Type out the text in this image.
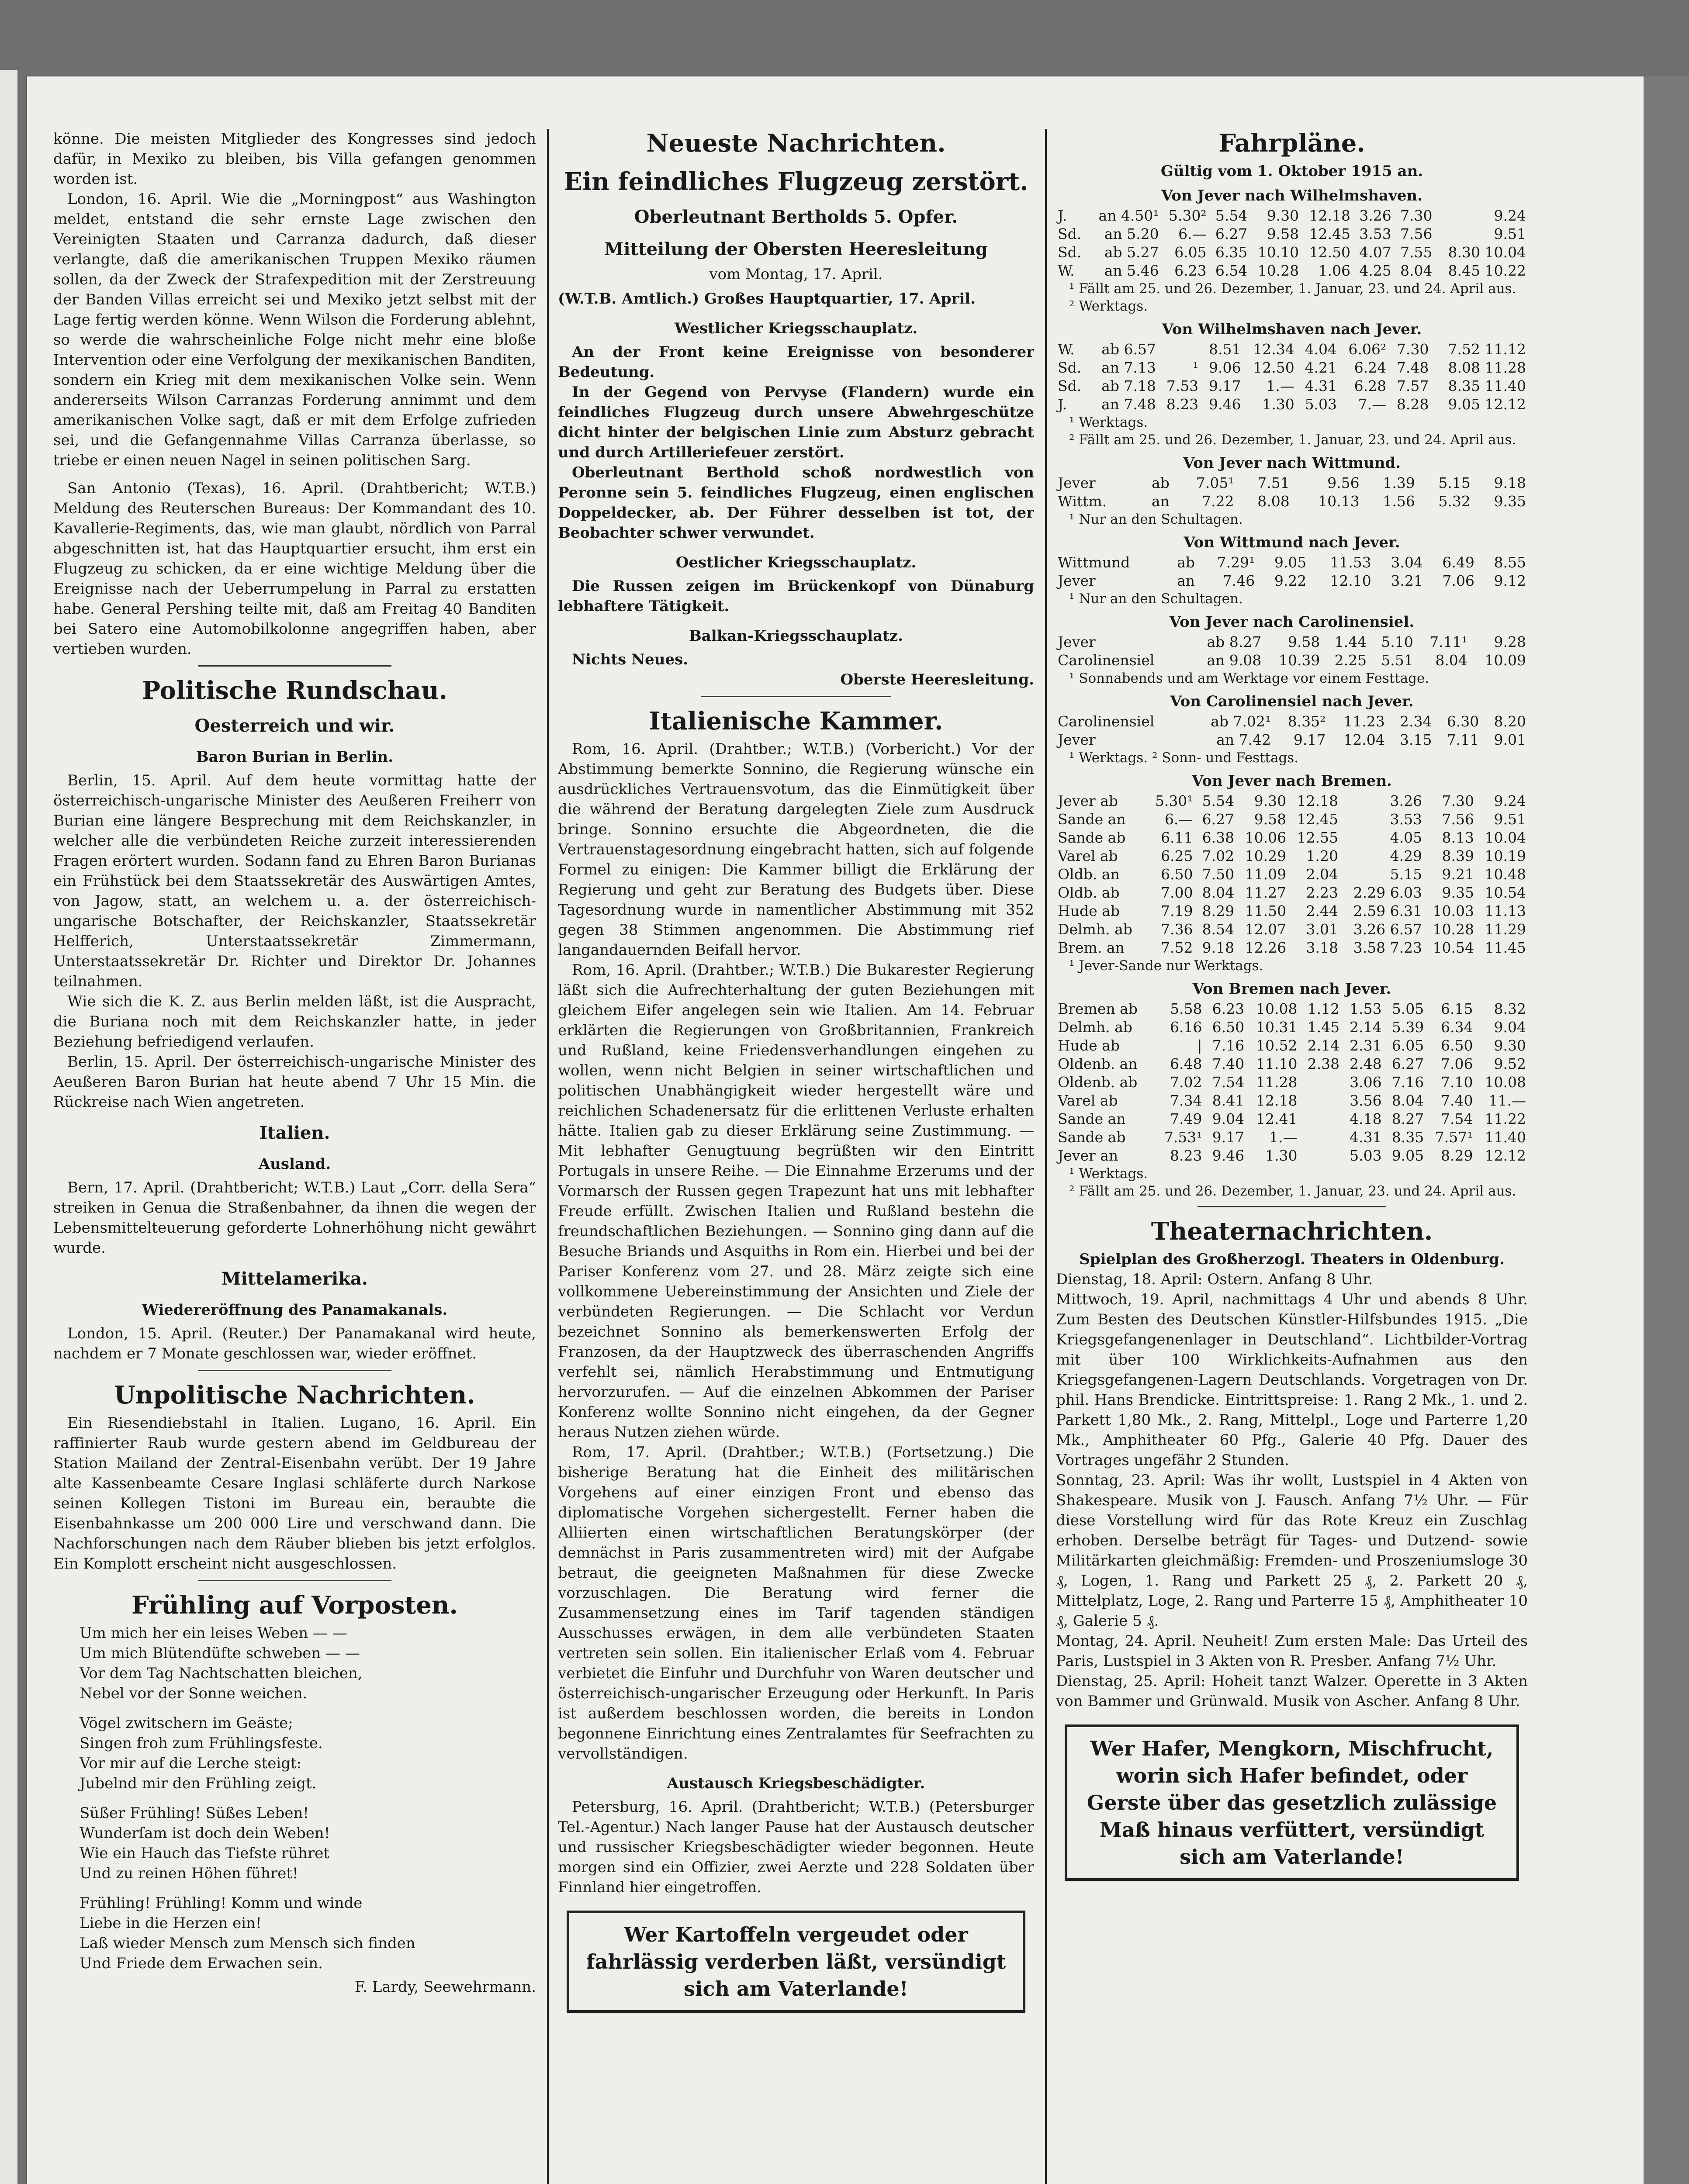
könne. Die meisten Mitglieder des Kongresses sind jedoch dafür, in Mexiko zu bleiben, bis Villa gefangen genommen worden ist.

London, 16. April. Wie die „Morningpost“ aus Washington meldet, entstand die sehr ernste Lage zwischen den Vereinigten Staaten und Carranza dadurch, daß dieser verlangte, daß die amerikanischen Truppen Mexiko räumen sollen, da der Zweck der Strafexpedition mit der Zerstreuung der Banden Villas erreicht sei und Mexiko jetzt selbst mit der Lage fertig werden könne. Wenn Wilson die Forderung ablehnt, so werde die wahrscheinliche Folge nicht mehr eine bloße Intervention oder eine Verfolgung der mexikanischen Banditen, sondern ein Krieg mit dem mexikanischen Volke sein. Wenn andererseits Wilson Carranzas Forderung annimmt und dem amerikanischen Volke sagt, daß er mit dem Erfolge zufrieden sei, und die Gefangennahme Villas Carranza überlasse, so triebe er einen neuen Nagel in seinen politischen Sarg.

San Antonio (Texas), 16. April. (Drahtbericht; W.T.B.) Meldung des Reuterschen Bureaus: Der Kommandant des 10. Kavallerie-Regiments, das, wie man glaubt, nördlich von Parral abgeschnitten ist, hat das Hauptquartier ersucht, ihm erst ein Flugzeug zu schicken, da er eine wichtige Meldung über die Ereignisse nach der Ueberrumpelung in Parral zu erstatten habe. General Pershing teilte mit, daß am Freitag 40 Banditen bei Satero eine Automobilkolonne angegriffen haben, aber vertieben wurden.

Politische Rundschau.
Oesterreich und wir.
Baron Burian in Berlin.

Berlin, 15. April. Auf dem heute vormittag hatte der österreichisch-ungarische Minister des Aeußeren Freiherr von Burian eine längere Besprechung mit dem Reichskanzler, in welcher alle die verbündeten Reiche zurzeit interessierenden Fragen erörtert wurden. Sodann fand zu Ehren Baron Burianas ein Frühstück bei dem Staatssekretär des Auswärtigen Amtes, von Jagow, statt, an welchem u. a. der österreichisch-ungarische Botschafter, der Reichskanzler, Staatssekretär Helfferich, Unterstaatssekretär Zimmermann, Unterstaatssekretär Dr. Richter und Direktor Dr. Johannes teilnahmen.

Wie sich die K. Z. aus Berlin melden läßt, ist die Auspracht, die Buriana noch mit dem Reichskanzler hatte, in jeder Beziehung befriedigend verlaufen.

Berlin, 15. April. Der österreichisch-ungarische Minister des Aeußeren Baron Burian hat heute abend 7 Uhr 15 Min. die Rückreise nach Wien angetreten.

Italien.
Ausland.

Bern, 17. April. (Drahtbericht; W.T.B.) Laut „Corr. della Sera“ streiken in Genua die Straßenbahner, da ihnen die wegen der Lebensmittelteuerung geforderte Lohnerhöhung nicht gewährt wurde.

Mittelamerika.
Wiedereröffnung des Panamakanals.

London, 15. April. (Reuter.) Der Panamakanal wird heute, nachdem er 7 Monate geschlossen war, wieder eröffnet.

Unpolitische Nachrichten.

Ein Riesendiebstahl in Italien. Lugano, 16. April. Ein raffinierter Raub wurde gestern abend im Geldbureau der Station Mailand der Zentral-Eisenbahn verübt. Der 19 Jahre alte Kassenbeamte Cesare Inglasi schläferte durch Narkose seinen Kollegen Tistoni im Bureau ein, beraubte die Eisenbahnkasse um 200 000 Lire und verschwand dann. Die Nachforschungen nach dem Räuber blieben bis jetzt erfolglos. Ein Komplott erscheint nicht ausgeschlossen.

Frühling auf Vorposten.

Um mich her ein leises Weben — —

Um mich Blütendüfte schweben — —

Vor dem Tag Nachtschatten bleichen,

Nebel vor der Sonne weichen.

Vögel zwitschern im Geäste;

Singen froh zum Frühlingsfeste.

Vor mir auf die Lerche steigt:

Jubelnd mir den Frühling zeigt.

Süßer Frühling! Süßes Leben!

Wunderſam ist doch dein Weben!

Wie ein Hauch das Tiefste rühret

Und zu reinen Höhen führet!

Frühling! Frühling! Komm und winde

Liebe in die Herzen ein!

Laß wieder Mensch zum Mensch sich finden

Und Friede dem Erwachen sein.

F. Lardy, Seewehrmann.

Neueste Nachrichten.
Ein feindliches Flugzeug zerstört.
Oberleutnant Bertholds 5. Opfer.
Mitteilung der Obersten Heeresleitung

vom Montag, 17. April.

(W.T.B. Amtlich.) Großes Hauptquartier, 17. April.

Westlicher Kriegsschauplatz.

An der Front keine Ereignisse von besonderer Bedeutung.

In der Gegend von Pervyse (Flandern) wurde ein feindliches Flugzeug durch unsere Abwehrgeschütze dicht hinter der belgischen Linie zum Absturz gebracht und durch Artilleriefeuer zerstört.

Oberleutnant Berthold schoß nordwestlich von Peronne sein 5. feindliches Flugzeug, einen englischen Doppeldecker, ab. Der Führer desselben ist tot, der Beobachter schwer verwundet.

Oestlicher Kriegsschauplatz.

Die Russen zeigen im Brückenkopf von Dünaburg lebhaftere Tätigkeit.

Balkan-Kriegsschauplatz.

Nichts Neues.

Oberste Heeresleitung.

Italienische Kammer.

Rom, 16. April. (Drahtber.; W.T.B.) (Vorbericht.) Vor der Abstimmung bemerkte Sonnino, die Regierung wünsche ein ausdrückliches Vertrauensvotum, das die Einmütigkeit über die während der Beratung dargelegten Ziele zum Ausdruck bringe. Sonnino ersuchte die Abgeordneten, die die Vertrauenstagesordnung eingebracht hatten, sich auf folgende Formel zu einigen: Die Kammer billigt die Erklärung der Regierung und geht zur Beratung des Budgets über. Diese Tagesordnung wurde in namentlicher Abstimmung mit 352 gegen 38 Stimmen angenommen. Die Abstimmung rief langandauernden Beifall hervor.

Rom, 16. April. (Drahtber.; W.T.B.) Die Bukarester Regierung läßt sich die Aufrechterhaltung der guten Beziehungen mit gleichem Eifer angelegen sein wie Italien. Am 14. Februar erklärten die Regierungen von Großbritannien, Frankreich und Rußland, keine Friedensverhandlungen eingehen zu wollen, wenn nicht Belgien in seiner wirtschaftlichen und politischen Unabhängigkeit wieder hergestellt wäre und reichlichen Schadenersatz für die erlittenen Verluste erhalten hätte. Italien gab zu dieser Erklärung seine Zustimmung. — Mit lebhafter Genugtuung begrüßten wir den Eintritt Portugals in unsere Reihe. — Die Einnahme Erzerums und der Vormarsch der Russen gegen Trapezunt hat uns mit lebhafter Freude erfüllt. Zwischen Italien und Rußland bestehn die freundschaftlichen Beziehungen. — Sonnino ging dann auf die Besuche Briands und Asquiths in Rom ein. Hierbei und bei der Pariser Konferenz vom 27. und 28. März zeigte sich eine vollkommene Uebereinstimmung der Ansichten und Ziele der verbündeten Regierungen. — Die Schlacht vor Verdun bezeichnet Sonnino als bemerkenswerten Erfolg der Franzosen, da der Hauptzweck des überraschenden Angriffs verfehlt sei, nämlich Herabstimmung und Entmutigung hervorzurufen. — Auf die einzelnen Abkommen der Pariser Konferenz wollte Sonnino nicht eingehen, da der Gegner heraus Nutzen ziehen würde.

Rom, 17. April. (Drahtber.; W.T.B.) (Fortsetzung.) Die bisherige Beratung hat die Einheit des militärischen Vorgehens auf einer einzigen Front und ebenso das diplomatische Vorgehen sichergestellt. Ferner haben die Alliierten einen wirtschaftlichen Beratungskörper (der demnächst in Paris zusammentreten wird) mit der Aufgabe betraut, die geeigneten Maßnahmen für diese Zwecke vorzuschlagen. Die Beratung wird ferner die Zusammensetzung eines im Tarif tagenden ständigen Ausschusses erwägen, in dem alle verbündeten Staaten vertreten sein sollen. Ein italienischer Erlaß vom 4. Februar verbietet die Einfuhr und Durchfuhr von Waren deutscher und österreichisch-ungarischer Erzeugung oder Herkunft. In Paris ist außerdem beschlossen worden, die bereits in London begonnene Einrichtung eines Zentralamtes für Seefrachten zu vervollständigen.

Austausch Kriegsbeschädigter.

Petersburg, 16. April. (Drahtbericht; W.T.B.) (Petersburger Tel.-Agentur.) Nach langer Pause hat der Austausch deutscher und russischer Kriegsbeschädigter wieder begonnen. Heute morgen sind ein Offizier, zwei Aerzte und 228 Soldaten über Finnland hier eingetroffen.

Wer Kartoffeln vergeudet oder fahrlässig verderben läßt, versündigt sich am Vaterlande!

Fahrpläne.

Gültig vom 1. Oktober 1915 an.

Von Jever nach Wilhelmshaven.
J.	an 4.50¹	5.30²	5.54	9.30	12.18	3.26	7.30	9.24
Sd.	an 5.20	6.—	6.27	9.58	12.45	3.53	7.56	9.51
Sd.	ab 5.27	6.05	6.35	10.10	12.50	4.07	7.55	8.30 10.04
W.	an 5.46	6.23	6.54	10.28	1.06	4.25	8.04	8.45 10.22

¹ Fällt am 25. und 26. Dezember, 1. Januar, 23. und 24. April aus.

² Werktags.

Von Wilhelmshaven nach Jever.
W.	ab 6.57		8.51	12.34	4.04	6.06²	7.30	7.52 11.12
Sd.	an 7.13	¹	9.06	12.50	4.21	6.24	7.48	8.08 11.28
Sd.	ab 7.18	7.53	9.17	1.—	4.31	6.28	7.57	8.35 11.40
J.	an 7.48	8.23	9.46	1.30	5.03	7.—	8.28	9.05 12.12

¹ Werktags.

² Fällt am 25. und 26. Dezember, 1. Januar, 23. und 24. April aus.

Von Jever nach Wittmund.
Jever	ab	7.05¹	7.51	9.56	1.39	5.15	9.18
Wittm.	an	7.22	8.08	10.13	1.56	5.32	9.35

¹ Nur an den Schultagen.

Von Wittmund nach Jever.
Wittmund	ab	7.29¹	9.05	11.53	3.04	6.49	8.55
Jever	an	7.46	9.22	12.10	3.21	7.06	9.12

¹ Nur an den Schultagen.

Von Jever nach Carolinensiel.
Jever	ab 8.27	9.58	1.44	5.10	7.11¹	9.28
Carolinensiel	an 9.08	10.39	2.25	5.51	8.04	10.09

¹ Sonnabends und am Werktage vor einem Festtage.

Von Carolinensiel nach Jever.
Carolinensiel	ab 7.02¹	8.35²	11.23	2.34	6.30	8.20
Jever	an 7.42	9.17	12.04	3.15	7.11	9.01

¹ Werktags. ² Sonn- und Festtags.

Von Jever nach Bremen.
Jever ab	5.30¹	5.54	9.30	12.18	3.26	7.30	9.24
Sande an	6.—	6.27	9.58	12.45	3.53	7.56	9.51
Sande ab	6.11	6.38	10.06	12.55	4.05	8.13	10.04
Varel ab	6.25	7.02	10.29	1.20	4.29	8.39	10.19
Oldb. an	6.50	7.50	11.09	2.04	5.15	9.21	10.48
Oldb. ab	7.00	8.04	11.27	2.23	2.29 6.03	9.35	10.54
Hude ab	7.19	8.29	11.50	2.44	2.59 6.31	10.03	11.13
Delmh. ab	7.36	8.54	12.07	3.01	3.26 6.57	10.28	11.29
Brem. an	7.52	9.18	12.26	3.18	3.58 7.23	10.54	11.45

¹ Jever-Sande nur Werktags.

Von Bremen nach Jever.
Bremen ab	5.58	6.23	10.08	1.12	1.53	5.05	6.15	8.32
Delmh. ab	6.16	6.50	10.31	1.45	2.14	5.39	6.34	9.04
Hude ab	|	7.16	10.52	2.14	2.31	6.05	6.50	9.30
Oldenb. an	6.48	7.40	11.10	2.38	2.48	6.27	7.06	9.52
Oldenb. ab	7.02	7.54	11.28		3.06	7.16	7.10	10.08
Varel ab	7.34	8.41	12.18		3.56	8.04	7.40	11.—
Sande an	7.49	9.04	12.41		4.18	8.27	7.54	11.22
Sande ab	7.53¹	9.17	1.—		4.31	8.35	7.57¹	11.40
Jever an	8.23	9.46	1.30		5.03	9.05	8.29	12.12

¹ Werktags.

² Fällt am 25. und 26. Dezember, 1. Januar, 23. und 24. April aus.

Theaternachrichten.

Spielplan des Großherzogl. Theaters in Oldenburg.

Dienstag, 18. April: Ostern. Anfang 8 Uhr.

Mittwoch, 19. April, nachmittags 4 Uhr und abends 8 Uhr. Zum Besten des Deutschen Künstler-Hilfsbundes 1915. „Die Kriegsgefangenenlager in Deutschland“. Lichtbilder-Vortrag mit über 100 Wirklichkeits-Aufnahmen aus den Kriegsgefangenen-Lagern Deutschlands. Vorgetragen von Dr. phil. Hans Brendicke. Eintrittspreise: 1. Rang 2 Mk., 1. und 2. Parkett 1,80 Mk., 2. Rang, Mittelpl., Loge und Parterre 1,20 Mk., Amphitheater 60 Pfg., Galerie 40 Pfg. Dauer des Vortrages ungefähr 2 Stunden.

Sonntag, 23. April: Was ihr wollt, Lustspiel in 4 Akten von Shakespeare. Musik von J. Fausch. Anfang 7½ Uhr. — Für diese Vorstellung wird für das Rote Kreuz ein Zuschlag erhoben. Derselbe beträgt für Tages- und Dutzend- sowie Militärkarten gleichmäßig: Fremden- und Proszeniumsloge 30 ₰, Logen, 1. Rang und Parkett 25 ₰, 2. Parkett 20 ₰, Mittelplatz, Loge, 2. Rang und Parterre 15 ₰, Amphitheater 10 ₰, Galerie 5 ₰.

Montag, 24. April. Neuheit! Zum ersten Male: Das Urteil des Paris, Lustspiel in 3 Akten von R. Presber. Anfang 7½ Uhr.

Dienstag, 25. April: Hoheit tanzt Walzer. Operette in 3 Akten von Bammer und Grünwald. Musik von Ascher. Anfang 8 Uhr.

Wer Hafer, Mengkorn, Mischfrucht, worin sich Hafer befindet, oder Gerste über das gesetzlich zulässige Maß hinaus verfüttert, versündigt sich am Vaterlande!
